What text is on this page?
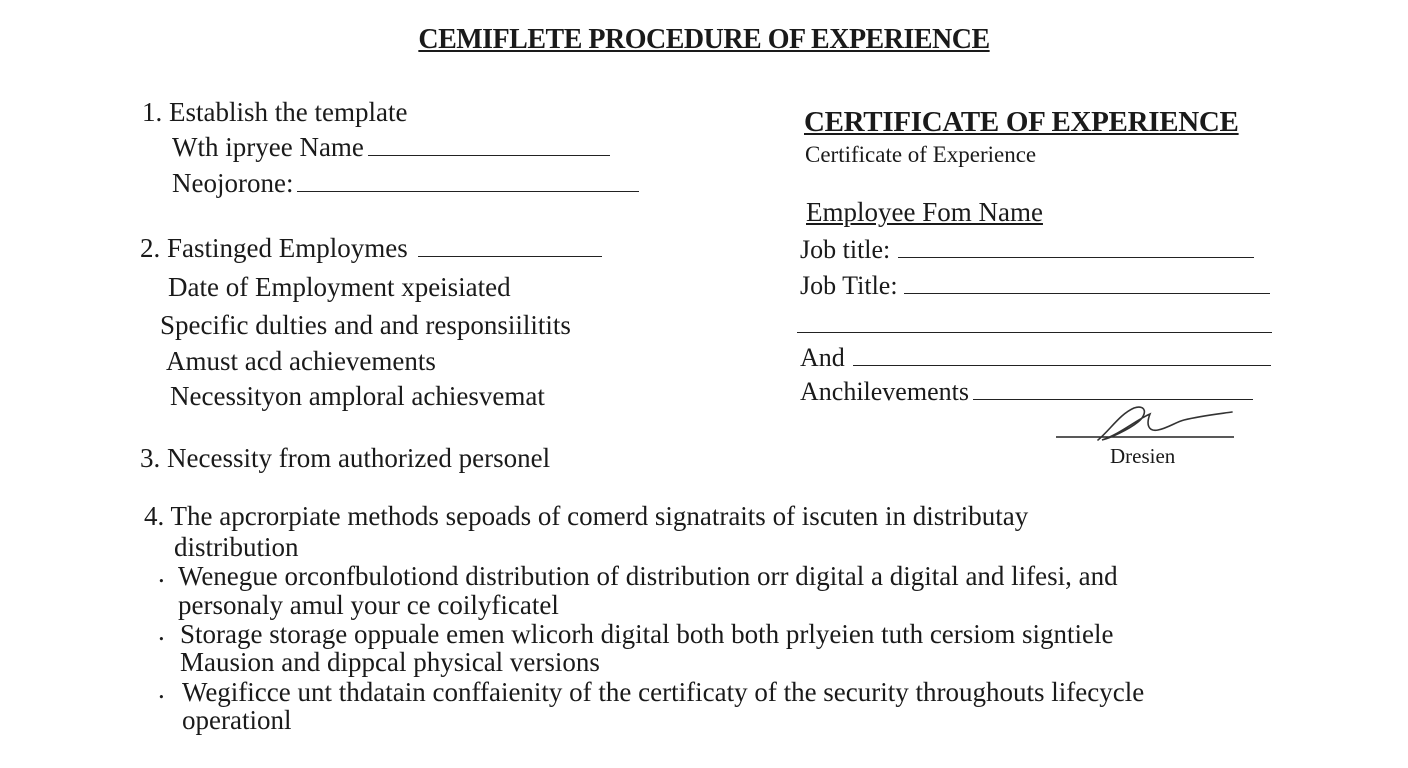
CEMIFLETE PROCEDURE OF EXPERIENCE
1. Establish the template
Wth ipryee Name
Neojorone:
2. Fastinged Employmes
Date of Employment xpeisiated
Specific dulties and and responsiilitits
Amust acd achievements
Necessityon amploral achiesvemat
3. Necessity from authorized personel
4. The apcrorpiate methods sepoads of comerd signatraits of iscuten in distributay
distribution
. Wenegue orconfbulotiond distribution of distribution orr digital a digital and lifesi, and
personaly amul your ce coilyficatel
. Storage storage oppuale emen wlicorh digital both both prlyeien tuth cersiom signtiele
Mausion and dippcal physical versions
. Wegificce unt thdatain conffaienity of the certificaty of the security throughouts lifecycle
operationl
CERTIFICATE OF EXPERIENCE
Certificate of Experience
Employee Fom Name
Job title:
Job Title:
And
Anchilevements
Dresien
